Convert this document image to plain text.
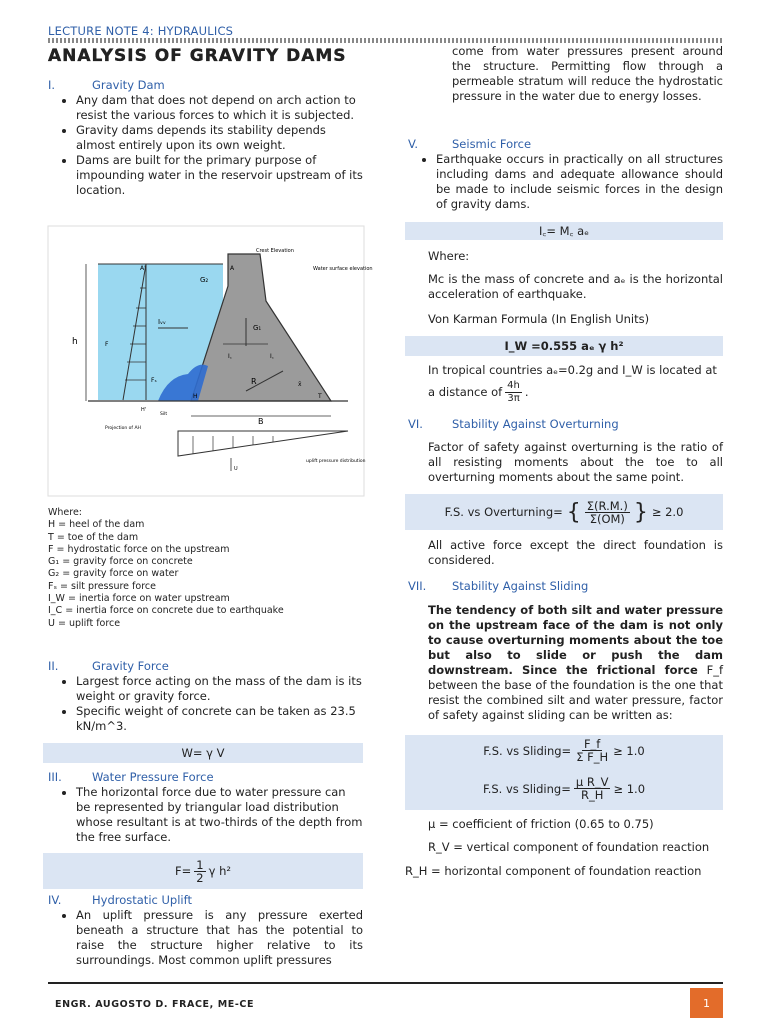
LECTURE NOTE 4: HYDRAULICS
ANALYSIS OF GRAVITY DAMS
I.	Gravity Dam
• Any dam that does not depend on arch action to resist the various forces to which it is subjected.
• Gravity dams depends its stability depends almost entirely upon its own weight.
• Dams are built for the primary purpose of impounding water in the reservoir upstream of its location.
Crest Elevation
Water surface elevation
A'	A
G₂
Iᵥᵥ
G₁
I꜀	I꜀
h	F
Fₛ	R	x̄
H	T
H'
Silt
Projection of AH
B
U
uplift pressure distribution
Where:
H = heel of the dam
T = toe of the dam
F = hydrostatic force on the upstream
G₁ = gravity force on concrete
G₂ = gravity force on water
Fₛ = silt pressure force
I_W = inertia force on water upstream
I_C = inertia force on concrete due to earthquake
U = uplift force
II.	Gravity Force
• Largest force acting on the mass of the dam is its weight or gravity force.
• Specific weight of concrete can be taken as 23.5 kN/m^3.
W= γ V
III.	Water Pressure Force
• The horizontal force due to water pressure can be represented by triangular load distribution whose resultant is at two-thirds of the depth from the free surface.
$F= \frac{1}{2}$ γ h²
IV.	Hydrostatic Uplift
• An uplift pressure is any pressure exerted beneath a structure that has the potential to raise the structure higher relative to its surroundings. Most common uplift pressures
come from water pressures present around the structure. Permitting flow through a permeable stratum will reduce the hydrostatic pressure in the water due to energy losses.
V.	Seismic Force
• Earthquake occurs in practically on all structures including dams and adequate allowance should be made to include seismic forces in the design of gravity dams.
I꜀= M꜀ aₑ
Where:
Mc is the mass of concrete and aₑ is the horizontal acceleration of earthquake.
Von Karman Formula (In English Units)
I_W =0.555 aₑ γ h²
In tropical countries aₑ=0.2g and I_W is located at
a distance of $\frac{4h}{3\pi}$ .
VI.	Stability Against Overturning
Factor of safety against overturning is the ratio of all resisting moments about the toe to all overturning moments about the same point.
F.S. vs Overturning= { $\frac{\Sigma(R.M.)}{\Sigma(OM)}$ } ≥ 2.0
All active force except the direct foundation is considered.
VII.	Stability Against Sliding
The tendency of both silt and water pressure on the upstream face of the dam is not only to cause overturning moments about the toe but also to slide or push the dam downstream. Since the frictional force F_f between the base of the foundation is the one that resist the combined silt and water pressure, factor of safety against sliding can be written as:
F.S. vs Sliding= $\frac{F\_f}{\text{Σ F\_H}} \ge 1.0$
F.S. vs Sliding= $\frac{\text{μ R\_V}}{R\_H} \ge 1.0$
μ = coefficient of friction (0.65 to 0.75)
R_V = vertical component of foundation reaction
R_H = horizontal component of foundation reaction
ENGR. AUGOSTO D. FRACE, ME-CE	1
